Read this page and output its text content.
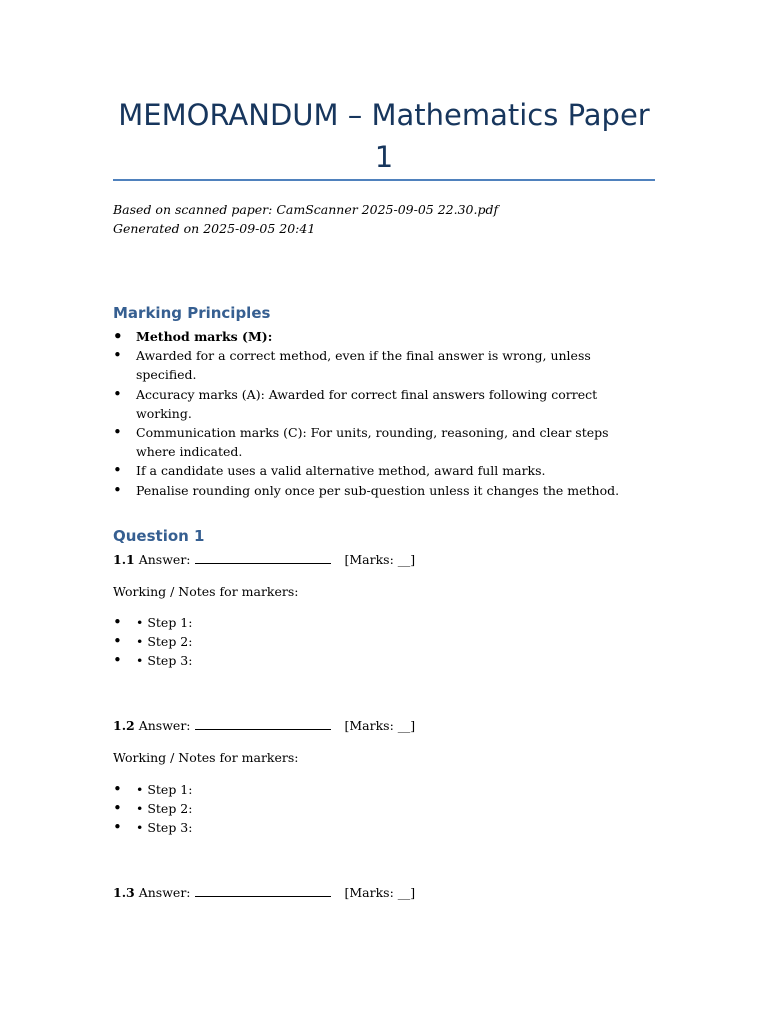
MEMORANDUM – Mathematics Paper 1
Based on scanned paper: CamScanner 2025-09-05 22.30.pdf
Generated on 2025-09-05 20:41
Marking Principles
• Method marks (M):
• Awarded for a correct method, even if the final answer is wrong, unless specified.
• Accuracy marks (A): Awarded for correct final answers following correct working.
• Communication marks (C): For units, rounding, reasoning, and clear steps where indicated.
• If a candidate uses a valid alternative method, award full marks.
• Penalise rounding only once per sub-question unless it changes the method.
Question 1
1.1 Answer:	[Marks: __]
Working / Notes for markers:
• • Step 1:
• • Step 2:
• • Step 3:
1.2 Answer:	[Marks: __]
Working / Notes for markers:
• • Step 1:
• • Step 2:
• • Step 3:
1.3 Answer:	[Marks: __]
